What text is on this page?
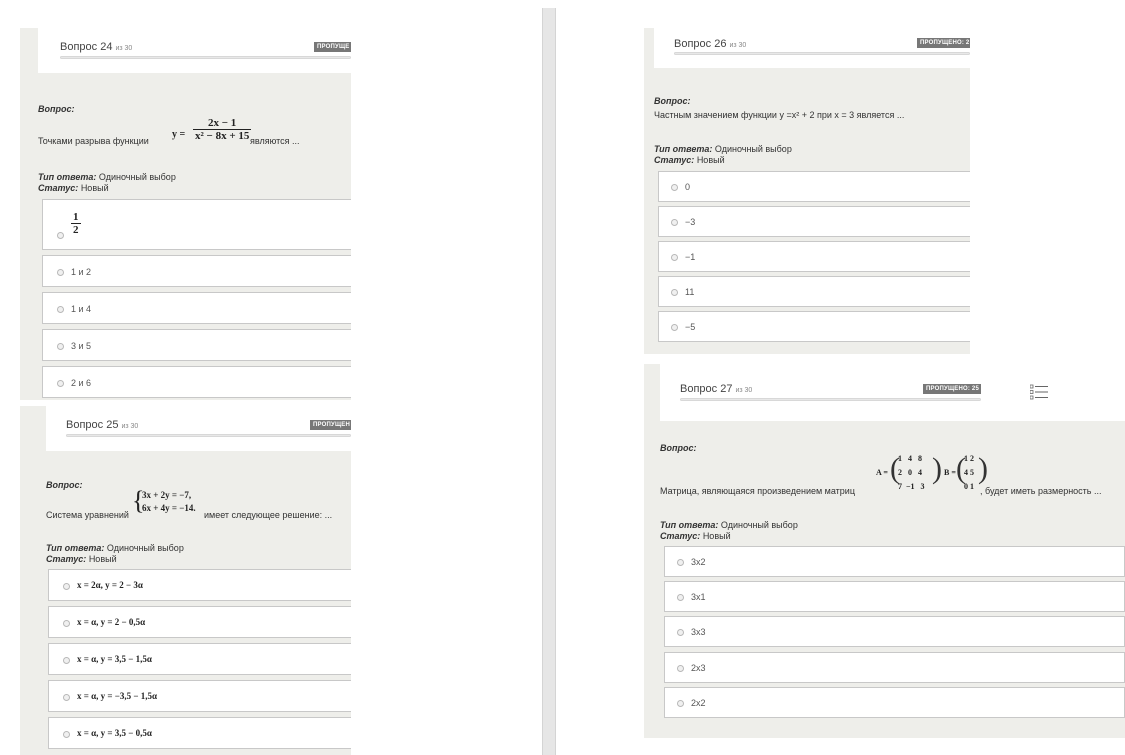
Вопрос 24 из 30	ПРОПУЩЕ
Вопрос:
Точками разрыва функции
$y = \frac{2x - 1}{\text{x² − 8x + 15}}$
являются ...
Тип ответа: Одиночный выбор
Статус: Новый
$\frac{1}{2}$
1 и 2
1 и 4
3 и 5
2 и 6
Вопрос 25 из 30	ПРОПУЩЕН
Вопрос:
Система уравнений {
3x + 2y = −7,
6x + 4y = −14.
имеет следующее решение: ...
Тип ответа: Одиночный выбор
Статус: Новый
x = 2α, y = 2 − 3α
x = α, y = 2 − 0,5α
x = α, y = 3,5 − 1,5α
x = α, y = −3,5 − 1,5α
x = α, y = 3,5 − 0,5α
Вопрос 26 из 30	ПРОПУЩЕНО: 2
Вопрос:
Частным значением функции у =х² + 2 при х = 3 является ...
Тип ответа: Одиночный выбор
Статус: Новый
0
−3
−1
11
−5
Вопрос 27 из 30	ПРОПУЩЕНО: 25
Вопрос:
Матрица, являющаяся произведением матриц
A = (
1   4   8
2   0   4
7  −1   3
) B = (
1 2
4 5
0 1
)
, будет иметь размерность ...
Тип ответа: Одиночный выбор
Статус: Новый
3x2
3x1
3x3
2x3
2x2
